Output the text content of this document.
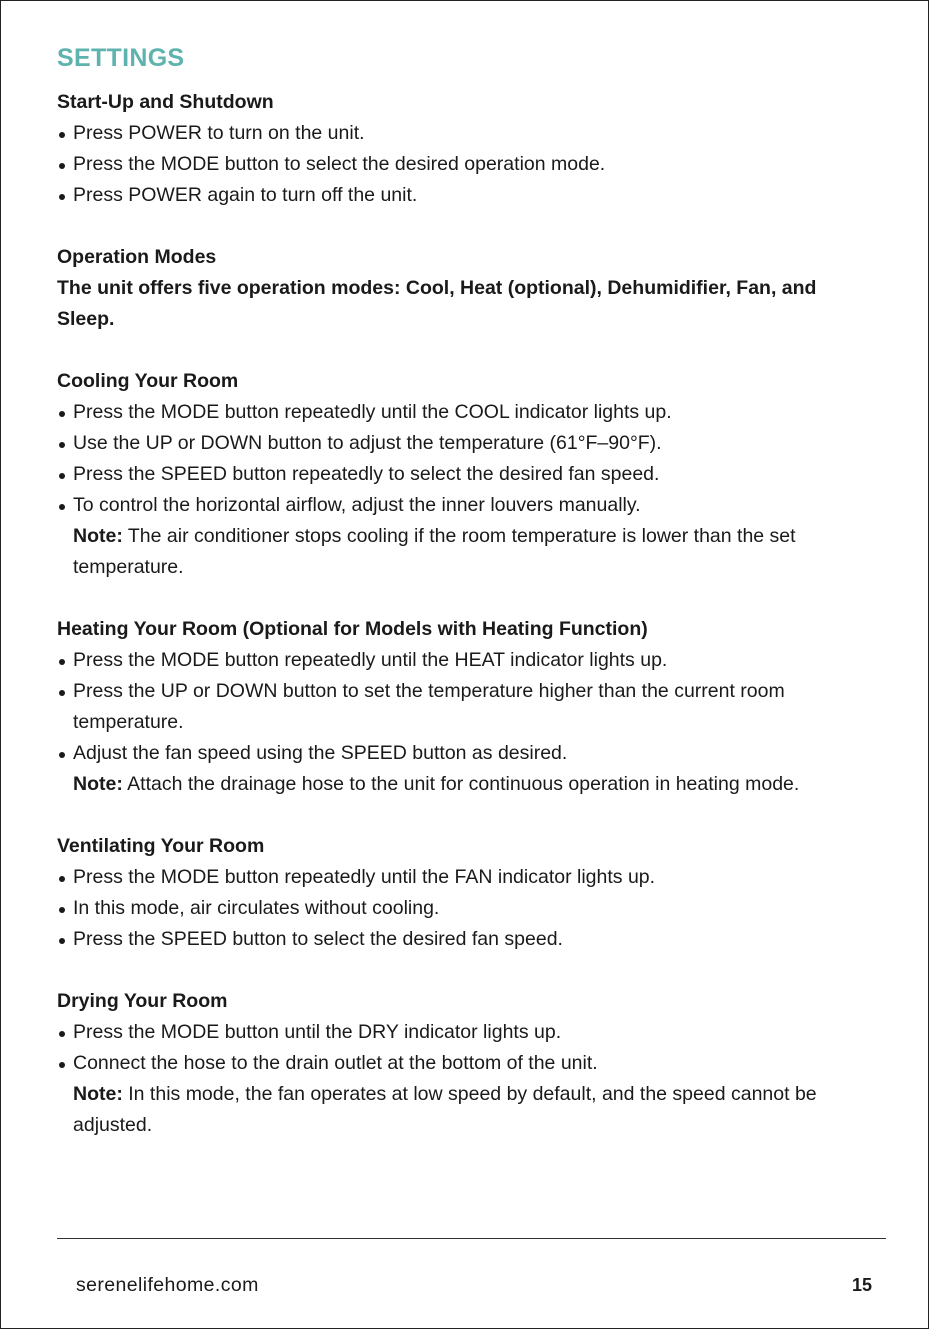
SETTINGS
Start-Up and Shutdown
Press POWER to turn on the unit.
Press the MODE button to select the desired operation mode.
Press POWER again to turn off the unit.
Operation Modes

The unit offers five operation modes: Cool, Heat (optional), Dehumidifier, Fan, and Sleep.

Cooling Your Room
Press the MODE button repeatedly until the COOL indicator lights up.
Use the UP or DOWN button to adjust the temperature (61°F–90°F).
Press the SPEED button repeatedly to select the desired fan speed.
To control the horizontal airflow, adjust the inner louvers manually.

Note: The air conditioner stops cooling if the room temperature is lower than the set temperature.

Heating Your Room (Optional for Models with Heating Function)
Press the MODE button repeatedly until the HEAT indicator lights up.
Press the UP or DOWN button to set the temperature higher than the current room temperature.
Adjust the fan speed using the SPEED button as desired.

Note: Attach the drainage hose to the unit for continuous operation in heating mode.

Ventilating Your Room
Press the MODE button repeatedly until the FAN indicator lights up.
In this mode, air circulates without cooling.
Press the SPEED button to select the desired fan speed.
Drying Your Room
Press the MODE button until the DRY indicator lights up.
Connect the hose to the drain outlet at the bottom of the unit.

Note: In this mode, the fan operates at low speed by default, and the speed cannot be adjusted.

serenelifehome.com	15
